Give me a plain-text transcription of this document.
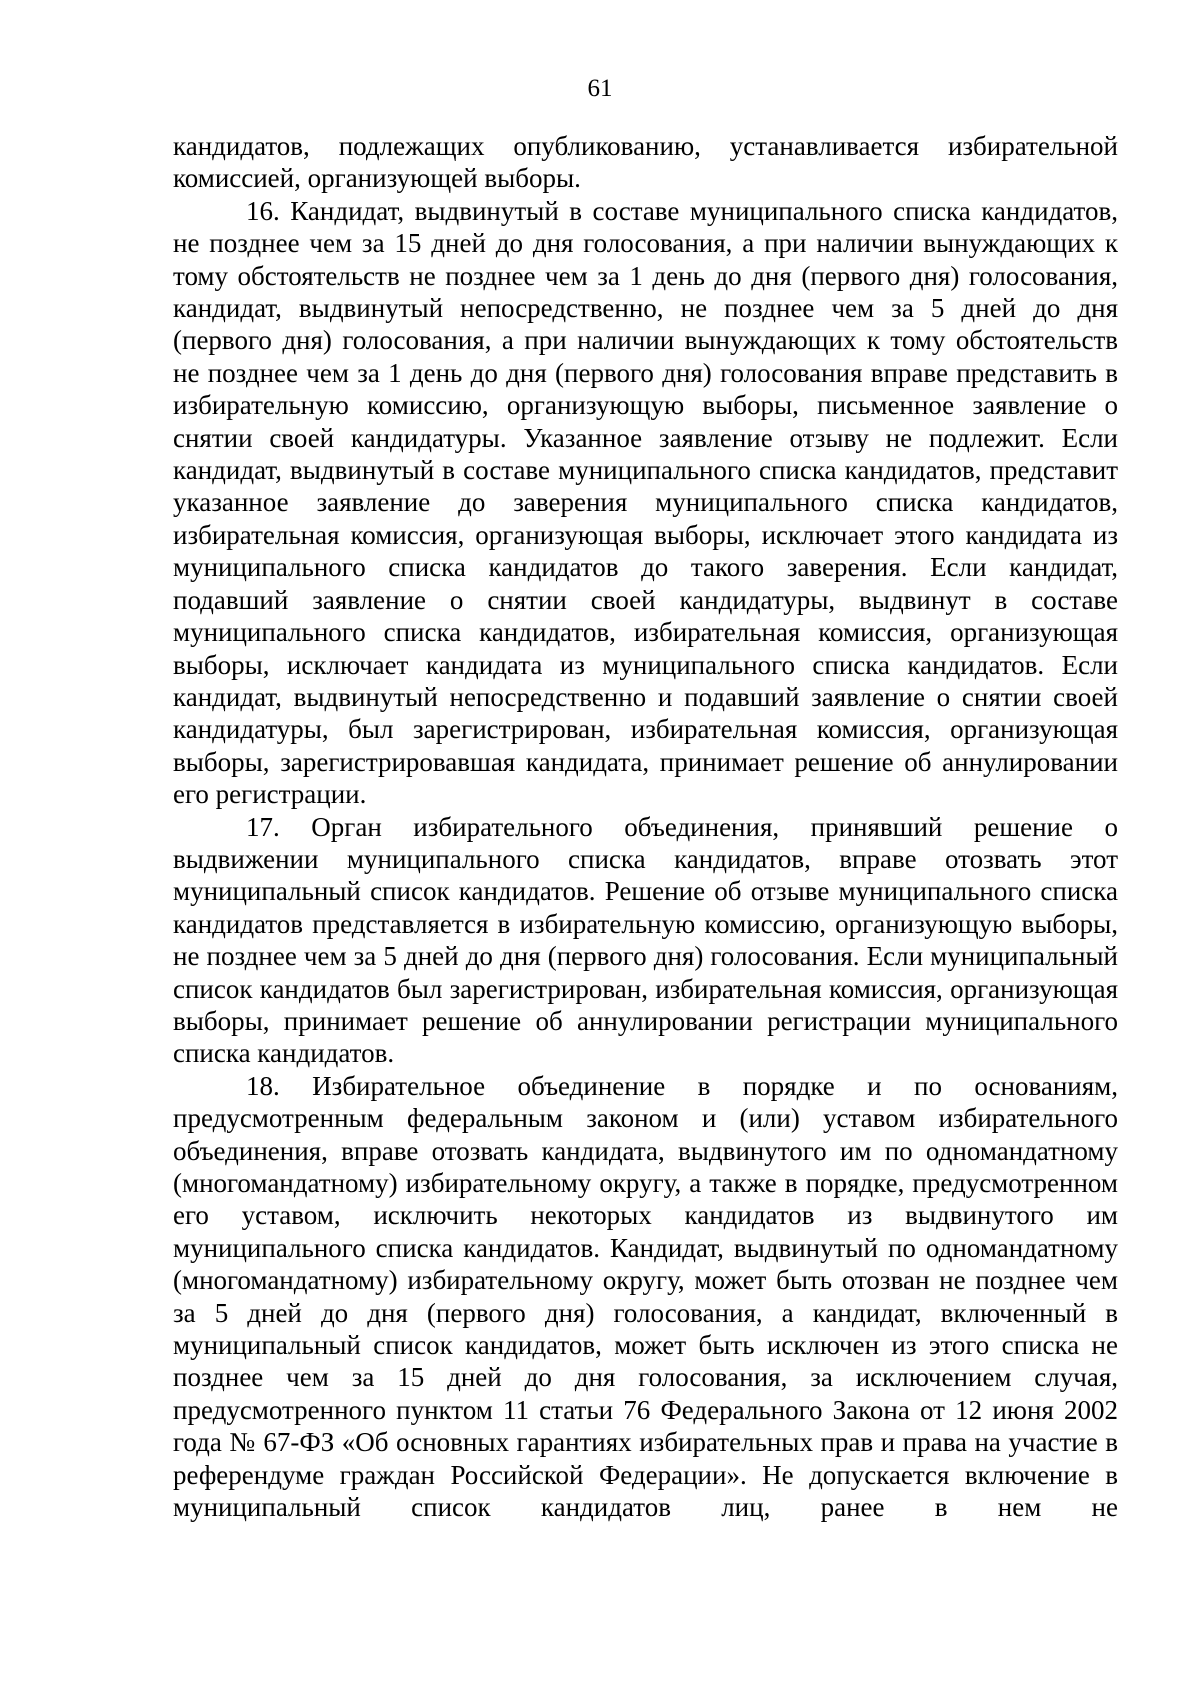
61

кандидатов, подлежащих опубликованию, устанавливается избирательной комиссией, организующей выборы.

16. Кандидат, выдвинутый в составе муниципального списка кандидатов, не позднее чем за 15 дней до дня голосования, а при наличии вынуждающих к тому обстоятельств не позднее чем за 1 день до дня (первого дня) голосования, кандидат, выдвинутый непосредственно, не позднее чем за 5 дней до дня (первого дня) голосования, а при наличии вынуждающих к тому обстоятельств не позднее чем за 1 день до дня (первого дня) голосования вправе представить в избирательную комиссию, организующую выборы, письменное заявление о снятии своей кандидатуры. Указанное заявление отзыву не подлежит. Если кандидат, выдвинутый в составе муниципального списка кандидатов, представит указанное заявление до заверения муниципального списка кандидатов, избирательная комиссия, организующая выборы, исключает этого кандидата из муниципального списка кандидатов до такого заверения. Если кандидат, подавший заявление о снятии своей кандидатуры, выдвинут в составе муниципального списка кандидатов, избирательная комиссия, организующая выборы, исключает кандидата из муниципального списка кандидатов. Если кандидат, выдвинутый непосредственно и подавший заявление о снятии своей кандидатуры, был зарегистрирован, избирательная комиссия, организующая выборы, зарегистрировавшая кандидата, принимает решение об аннулировании его регистрации.

17. Орган избирательного объединения, принявший решение о выдвижении муниципального списка кандидатов, вправе отозвать этот муниципальный список кандидатов. Решение об отзыве муниципального списка кандидатов представляется в избирательную комиссию, организующую выборы, не позднее чем за 5 дней до дня (первого дня) голосования. Если муниципальный список кандидатов был зарегистрирован, избирательная комиссия, организующая выборы, принимает решение об аннулировании регистрации муниципального списка кандидатов.

18. Избирательное объединение в порядке и по основаниям, предусмотренным федеральным законом и (или) уставом избирательного объединения, вправе отозвать кандидата, выдвинутого им по одномандатному (многомандатному) избирательному округу, а также в порядке, предусмотренном его уставом, исключить некоторых кандидатов из выдвинутого им муниципального списка кандидатов. Кандидат, выдвинутый по одномандатному (многомандатному) избирательному округу, может быть отозван не позднее чем за 5 дней до дня (первого дня) голосования, а кандидат, включенный в муниципальный список кандидатов, может быть исключен из этого списка не позднее чем за 15 дней до дня голосования, за исключением случая, предусмотренного пунктом 11 статьи 76 Федерального Закона от 12 июня 2002 года № 67-ФЗ «Об основных гарантиях избирательных прав и права на участие в референдуме граждан Российской Федерации». Не допускается включение в муниципальный список кандидатов лиц, ранее в нем не
